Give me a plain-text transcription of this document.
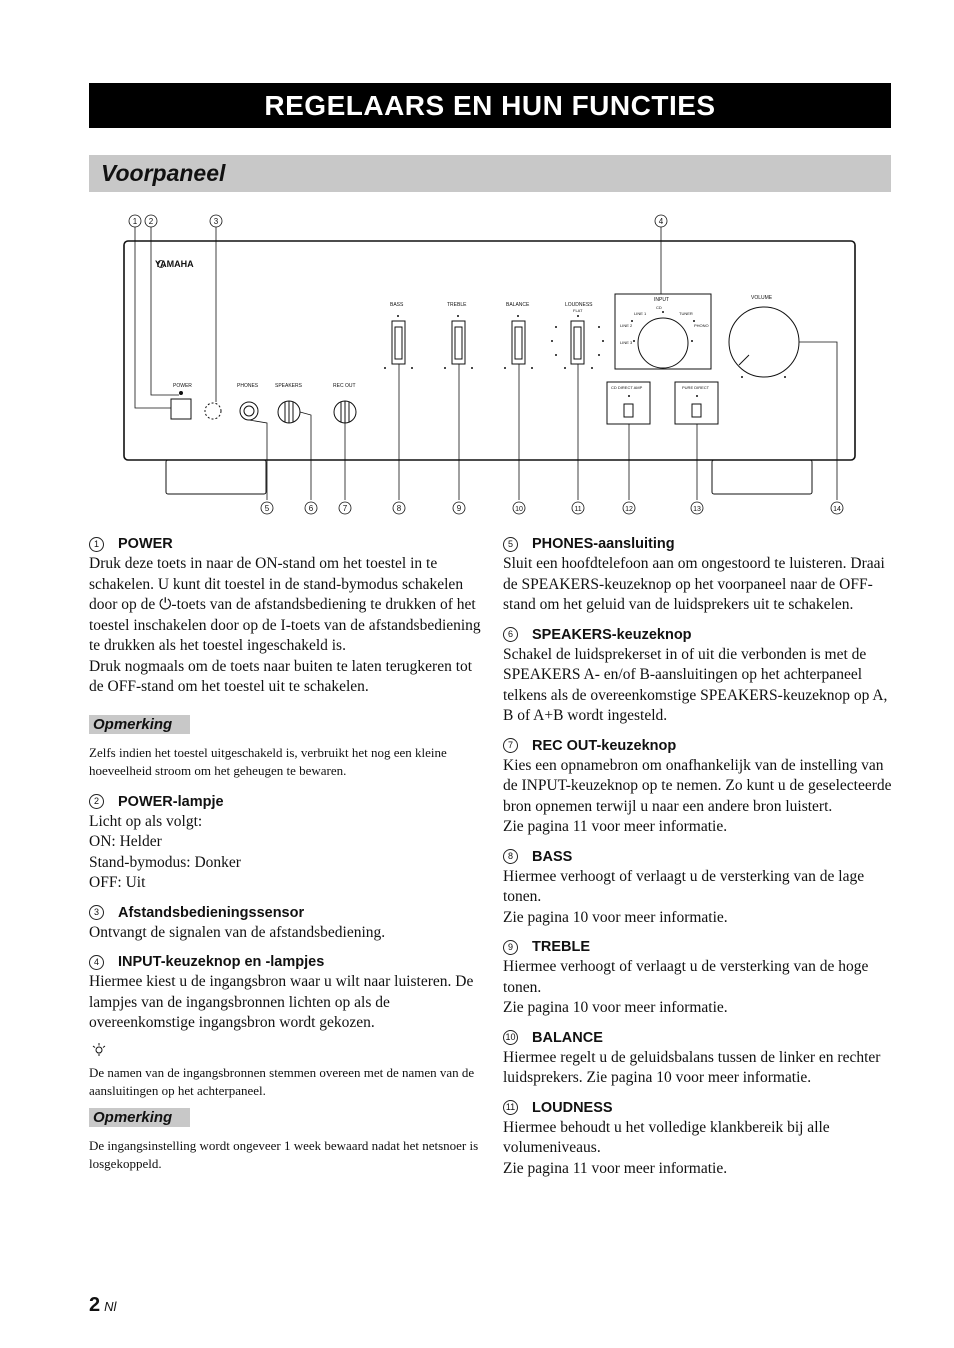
REGELAARS EN HUN FUNCTIES
Voorpaneel
YAMAHA
POWER	PHONES	SPEAKERS	REC OUT
BASS	TREBLE	BALANCE	LOUDNESS
FLAT
INPUT
CD
LINE 1	TUNER
LINE 2	PHONO
LINE 3
VOLUME
CD DIRECT AMP	PURE DIRECT
1 2	3	4
5	6	7	8	9	10	11	12	13	14
1	POWER
Druk deze toets in naar de ON-stand om het toestel in te schakelen. U kunt dit toestel in de stand-bymodus schakelen door op de ⏻-toets van de afstandsbediening te drukken of het toestel inschakelen door op de I-toets van de afstandsbediening te drukken als het toestel ingeschakeld is.
Druk nogmaals om de toets naar buiten te laten terugkeren tot de OFF-stand om het toestel uit te schakelen.
Opmerking
Zelfs indien het toestel uitgeschakeld is, verbruikt het nog een kleine hoeveelheid stroom om het geheugen te bewaren.
2	POWER-lampje
Licht op als volgt:
ON: Helder
Stand-bymodus: Donker
OFF: Uit
3	Afstandsbedieningssensor
Ontvangt de signalen van de afstandsbediening.
4	INPUT-keuzeknop en -lampjes
Hiermee kiest u de ingangsbron waar u wilt naar luisteren. De lampjes van de ingangsbronnen lichten op als de overeenkomstige ingangsbron wordt gekozen.
De namen van de ingangsbronnen stemmen overeen met de namen van de aansluitingen op het achterpaneel.
Opmerking
De ingangsinstelling wordt ongeveer 1 week bewaard nadat het netsnoer is losgekoppeld.
5	PHONES-aansluiting
Sluit een hoofdtelefoon aan om ongestoord te luisteren. Draai de SPEAKERS-keuzeknop op het voorpaneel naar de OFF-stand om het geluid van de luidsprekers uit te schakelen.
6	SPEAKERS-keuzeknop
Schakel de luidsprekerset in of uit die verbonden is met de SPEAKERS A- en/of B-aansluitingen op het achterpaneel telkens als de overeenkomstige SPEAKERS-keuzeknop op A, B of A+B wordt ingesteld.
7	REC OUT-keuzeknop
Kies een opnamebron om onafhankelijk van de instelling van de INPUT-keuzeknop op te nemen. Zo kunt u de geselecteerde bron opnemen terwijl u naar een andere bron luistert.
Zie pagina 11 voor meer informatie.
8	BASS
Hiermee verhoogt of verlaagt u de versterking van de lage tonen.
Zie pagina 10 voor meer informatie.
9	TREBLE
Hiermee verhoogt of verlaagt u de versterking van de hoge tonen.
Zie pagina 10 voor meer informatie.
10 BALANCE
Hiermee regelt u de geluidsbalans tussen de linker en rechter luidsprekers. Zie pagina 10 voor meer informatie.
11 LOUDNESS
Hiermee behoudt u het volledige klankbereik bij alle volumeniveaus.
Zie pagina 11 voor meer informatie.
2 Nl
